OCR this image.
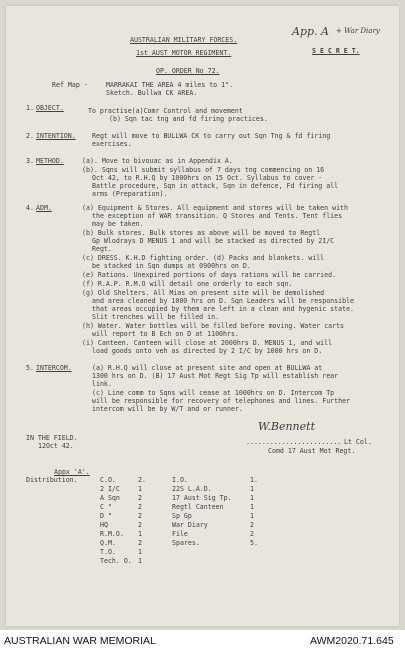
App. A + War Diary
AUSTRALIAN MILITARY FORCES.
1st AUST MOTOR REGIMENT.	S E C R E T.
OP. ORDER No 72.
Ref Map -	MARRAKAI THE AREA 4 miles to 1".
Sketch. Bullwa CK AREA.
1. OBJECT.	To practise(a)Comr Control and movement
(b) Sqn tac tng and fd firing practices.
2. INTENTION. Regt will move to BULLWA CK to carry out Sqn Tng & fd firing
exercises.
3. METHOD.	(a). Move to bivouac as in Appendix A.
(b). Sqns will submit syllabus of 7 days tng commencing on 16
Oct 42, to R.H.Q by 1000hrs on 15 Oct. Syllabus to cover -
Battle procedure, Sqn in attack, Sqn in defence, Fd firing all
arms (Preparation).
4. ADM.	(a) Equipment & Stores. All equipment and stores will be taken with
the exception of WAR transition. Q Stores and Tents. Tent flies
may be taken.
(b) Bulk stores. Bulk stores as above will be moved to Regtl
Gp Wlodrays D MENUS 1 and will be stacked as directed by 2I/C
Regt.
(c) DRESS. K.H.D fighting order. (d) Packs and blankets. will
be stacked in Sqn dumps at 0900hrs on D.
(e) Rations. Unexpired portions of days rations will be carried.
(f) R.A.P. R.M.O will detail one orderly to each sqn.
(g) Old Shelters. All Mias on present site will be demolished
and area cleaned by 1000 hrs on D. Sqn Leaders will be responsible
that areas occupied by them are left in a clean and hygenic state.
Slit trenches will be filled in.
(h) Water. Water bottles will be filled before moving. Water carts
will report to B Ech on D at 1100hrs.
(i) Canteen. Canteen will close at 2000hrs D. MENUS 1, and will
load goods onto veh as directed by 2 I/C by 1000 hrs on D.
5. INTERCOM.	(a) R.H.Q will close at present site and open at BULLWA at
1300 hrs on D. (B) 17 Aust Mot Regt Sig Tp will establish rear
link.
(c) Line comm to Sqns will cease at 1000hrs on D. Intercom Tp
will be responsible for recovery of telephones and lines. Further
intercom will be by W/T and or runner.
IN THE FIELD.
12Oct 42.
W.Bennett
........................ Lt Col.
Comd 17 Aust Mot Regt.
Appx 'A'.
Distribution.	C.O.	2.	I.O.	1.
2 I/C	1	22S L.A.D.	1
A Sqn	2	17 Aust Sig Tp.	1
C "	2	Regtl Canteen	1
D "	2	Sp Gp	1
HQ	2	War Diary	2
R.M.O. 1	File	2
Q.M.	2	Spares.	5.
T.O.	1
Tech. O. 1
AUSTRALIAN WAR MEMORIAL	AWM2020.71.645
